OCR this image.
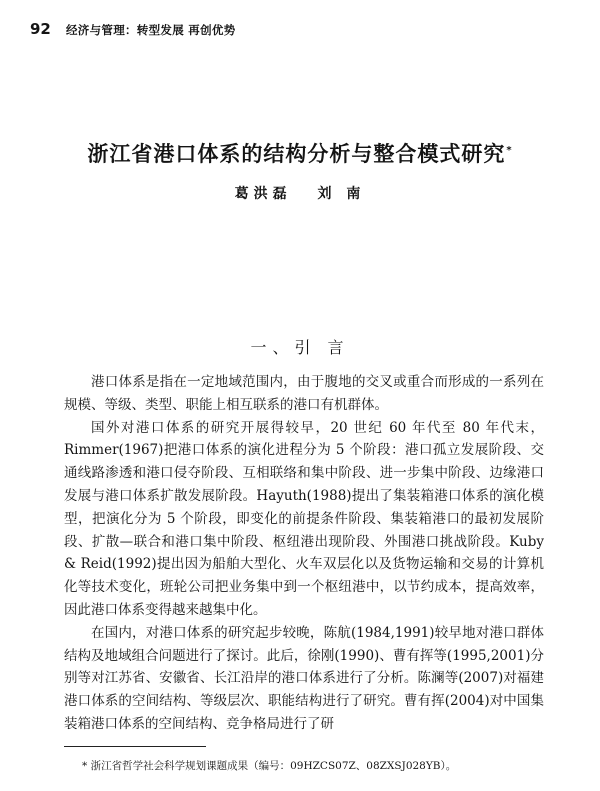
92 经济与管理：转型发展 再创优势
浙江省港口体系的结构分析与整合模式研究*
葛洪磊 刘 南
一、引 言

港口体系是指在一定地域范围内，由于腹地的交叉或重合而形成的一系列在规模、等级、类型、职能上相互联系的港口有机群体。

国外对港口体系的研究开展得较早，20 世纪 60 年代至 80 年代末，Rimmer(1967)把港口体系的演化进程分为 5 个阶段：港口孤立发展阶段、交通线路渗透和港口侵夺阶段、互相联络和集中阶段、进一步集中阶段、边缘港口发展与港口体系扩散发展阶段。Hayuth(1988)提出了集装箱港口体系的演化模型，把演化分为 5 个阶段，即变化的前提条件阶段、集装箱港口的最初发展阶段、扩散—联合和港口集中阶段、枢纽港出现阶段、外围港口挑战阶段。Kuby & Reid(1992)提出因为船舶大型化、火车双层化以及货物运输和交易的计算机化等技术变化，班轮公司把业务集中到一个枢纽港中，以节约成本，提高效率，因此港口体系变得越来越集中化。

在国内，对港口体系的研究起步较晚，陈航(1984,1991)较早地对港口群体结构及地域组合问题进行了探讨。此后，徐刚(1990)、曹有挥等(1995,2001)分别等对江苏省、安徽省、长江沿岸的港口体系进行了分析。陈澜等(2007)对福建港口体系的空间结构、等级层次、职能结构进行了研究。曹有挥(2004)对中国集装箱港口体系的空间结构、竞争格局进行了研

* 浙江省哲学社会科学规划课题成果（编号：09HZCS07Z、08ZXSJ028YB）。
